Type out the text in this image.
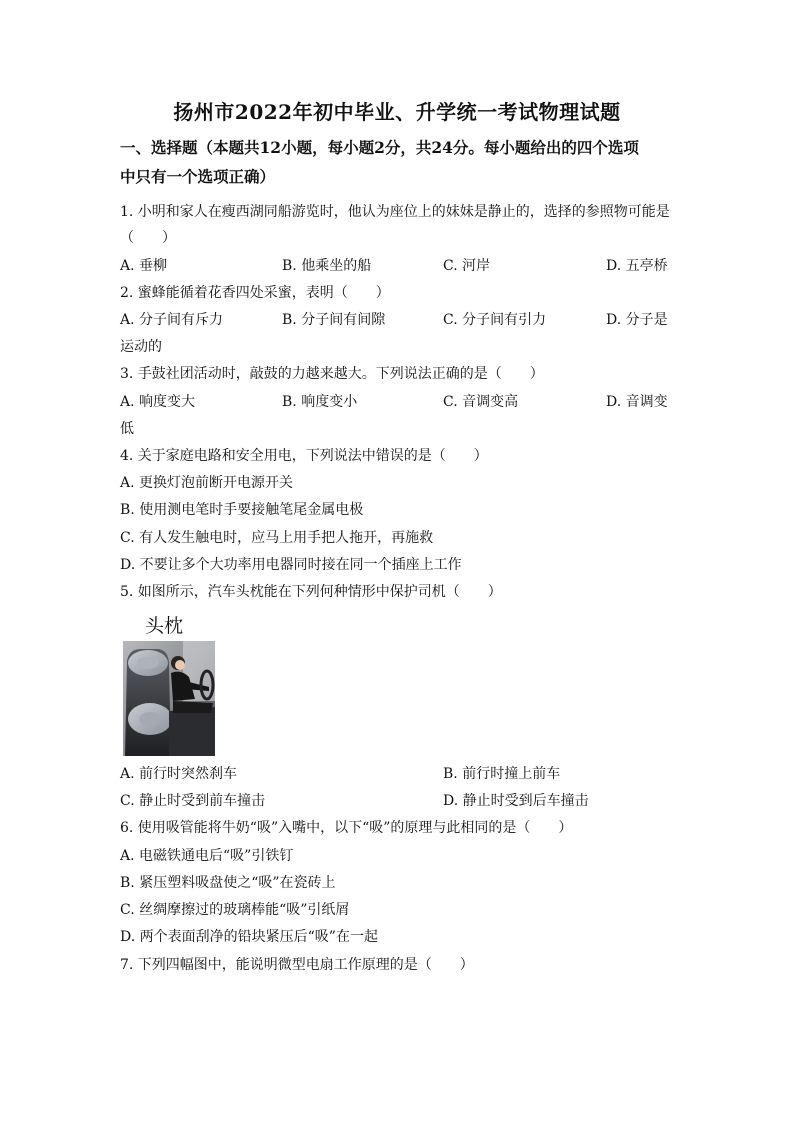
扬州市2022年初中毕业、升学统一考试物理试题
一、选择题（本题共12小题，每小题2分，共24分。每小题给出的四个选项
中只有一个选项正确）
1. 小明和家人在瘦西湖同船游览时，他认为座位上的妹妹是静止的，选择的参照物可能是
（　　）
A. 垂柳	B. 他乘坐的船	C. 河岸	D. 五亭桥
2. 蜜蜂能循着花香四处采蜜，表明（　　）
A. 分子间有斥力	B. 分子间有间隙	C. 分子间有引力	D. 分子是
运动的
3. 手鼓社团活动时，敲鼓的力越来越大。下列说法正确的是（　　）
A. 响度变大	B. 响度变小	C. 音调变高	D. 音调变
低
4. 关于家庭电路和安全用电，下列说法中错误的是（　　）
A. 更换灯泡前断开电源开关
B. 使用测电笔时手要接触笔尾金属电极
C. 有人发生触电时，应马上用手把人拖开，再施救
D. 不要让多个大功率用电器同时接在同一个插座上工作
5. 如图所示，汽车头枕能在下列何种情形中保护司机（　　）
头枕
A. 前行时突然刹车	B. 前行时撞上前车
C. 静止时受到前车撞击	D. 静止时受到后车撞击
6. 使用吸管能将牛奶“吸”入嘴中，以下“吸”的原理与此相同的是（　　）
A. 电磁铁通电后“吸”引铁钉
B. 紧压塑料吸盘使之“吸”在瓷砖上
C. 丝绸摩擦过的玻璃棒能“吸”引纸屑
D. 两个表面刮净的铅块紧压后“吸”在一起
7. 下列四幅图中，能说明微型电扇工作原理的是（　　）
